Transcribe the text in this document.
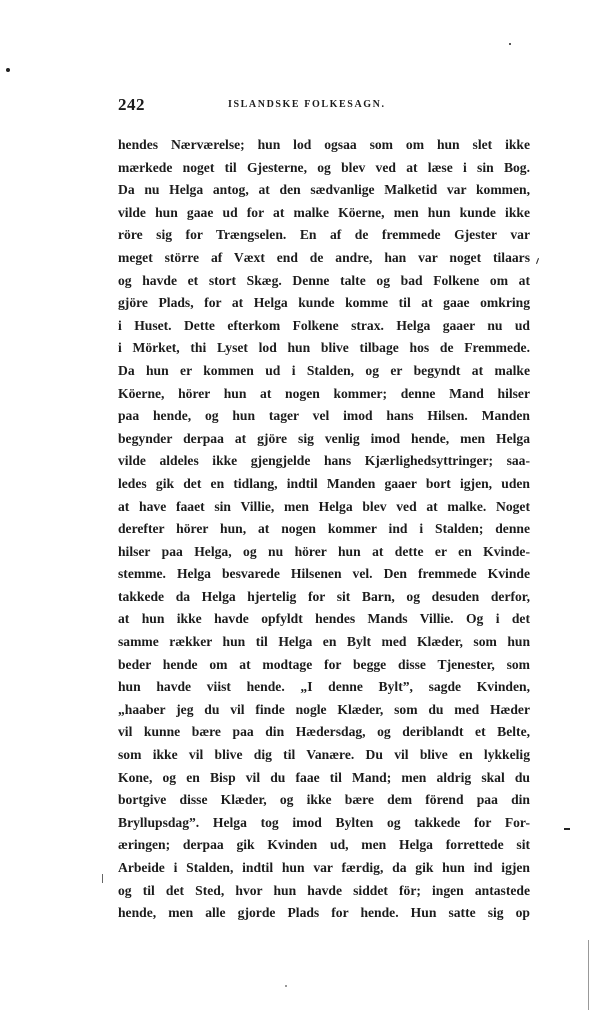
242	ISLANDSKE FOLKESAGN.
hendes Nærværelse; hun lod ogsaa som om hun slet ikke
mærkede noget til Gjesterne, og blev ved at læse i sin Bog.
Da nu Helga antog, at den sædvanlige Malketid var kommen,
vilde hun gaae ud for at malke Köerne, men hun kunde ikke
röre sig for Trængselen. En af de fremmede Gjester var
meget större af Væxt end de andre, han var noget tilaars
og havde et stort Skæg. Denne talte og bad Folkene om at
gjöre Plads, for at Helga kunde komme til at gaae omkring
i Huset. Dette efterkom Folkene strax. Helga gaaer nu ud
i Mörket, thi Lyset lod hun blive tilbage hos de Fremmede.
Da hun er kommen ud i Stalden, og er begyndt at malke
Köerne, hörer hun at nogen kommer; denne Mand hilser
paa hende, og hun tager vel imod hans Hilsen. Manden
begynder derpaa at gjöre sig venlig imod hende, men Helga
vilde aldeles ikke gjengjelde hans Kjærlighedsyttringer; saa-
ledes gik det en tidlang, indtil Manden gaaer bort igjen, uden
at have faaet sin Villie, men Helga blev ved at malke. Noget
derefter hörer hun, at nogen kommer ind i Stalden; denne
hilser paa Helga, og nu hörer hun at dette er en Kvinde-
stemme. Helga besvarede Hilsenen vel. Den fremmede Kvinde
takkede da Helga hjertelig for sit Barn, og desuden derfor,
at hun ikke havde opfyldt hendes Mands Villie. Og i det
samme rækker hun til Helga en Bylt med Klæder, som hun
beder hende om at modtage for begge disse Tjenester, som
hun havde viist hende. „I denne Bylt”, sagde Kvinden,
„haaber jeg du vil finde nogle Klæder, som du med Hæder
vil kunne bære paa din Hædersdag, og deriblandt et Belte,
som ikke vil blive dig til Vanære. Du vil blive en lykkelig
Kone, og en Bisp vil du faae til Mand; men aldrig skal du
bortgive disse Klæder, og ikke bære dem förend paa din
Bryllupsdag”. Helga tog imod Bylten og takkede for For-
æringen; derpaa gik Kvinden ud, men Helga forrettede sit
Arbeide i Stalden, indtil hun var færdig, da gik hun ind igjen
og til det Sted, hvor hun havde siddet för; ingen antastede
hende, men alle gjorde Plads for hende. Hun satte sig op
